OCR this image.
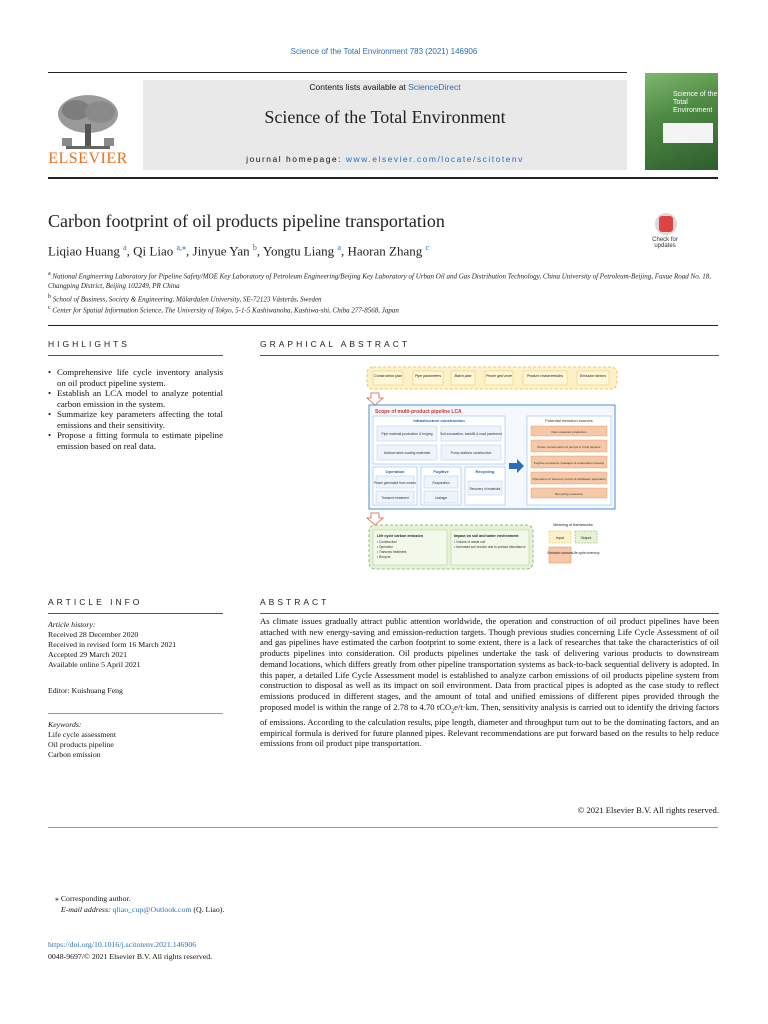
Science of the Total Environment 783 (2021) 146906
Contents lists available at ScienceDirect
Science of the Total Environment
journal homepage: www.elsevier.com/locate/scitotenv
ELSEVIER
Science of the
Total Environment
Carbon footprint of oil products pipeline transportation
Check for
updates
Liqiao Huang $^a$, Qi Liao $^{a,⁎}$, Jinyue Yan $^b$, Yongtu Liang $^a$, Haoran Zhang $^c$
$^a$ National Engineering Laboratory for Pipeline Safety/MOE Key Laboratory of Petroleum Engineering/Beijing Key Laboratory of Urban Oil and Gas Distribution Technology, China University of Petroleum-Beijing, Fuxue Road No. 18, Changping District, Beijing 102249, PR China
$^b$ School of Business, Society & Engineering, Mälardalen University, SE-72123 Västerås, Sweden
$^c$ Center for Spatial Information Science, The University of Tokyo, 5-1-5 Kashiwanoha, Kashiwa-shi, Chiba 277-8568, Japan
HIGHLIGHTS
• Comprehensive life cycle inventory analysis on oil product pipeline system.
• Establish an LCA model to analyze potential carbon emission in the system.
• Summarize key parameters affecting the total emissions and their sensitivity.
• Propose a fitting formula to estimate pipeline emission based on real data.
GRAPHICAL ABSTRACT
Construction plan	Pipe parameters	Batch plan	Power grid zone	Product characteristics	Emission factors
Scope of multi-product pipeline LCA
Infrastructure construction
Pipe material production & forging Soil excavation, backfill & road pavement
Anticorrosive coating materials	Pump stations construction
Operation
Power generated from motors
Transmix treatment
Fugitive
Evaporation
Leakage
Recycling
Recovery of materials
Potential emission sources
Raw materials production
Power consumption of pumps in trunk pipeline
Fugitive emissions (leakages & evaporation losses)
Operations of transmix pumps & distillation apparatus
Recycling measures
Life cycle carbon emission
• Construction
• Operation
• Transmix treatment
• Recycle
Impact on soil and water environment
• Volume of waste soil
• Increased soil erosion due to surface disturbance
Meaning of frameworks
Input	Output
Emission sources Life cycle inventory
ARTICLE INFO
Article history:
Received 28 December 2020
Received in revised form 16 March 2021
Accepted 29 March 2021
Available online 5 April 2021
Editor: Kuishuang Feng
Keywords:
Life cycle assessment
Oil products pipeline
Carbon emission
ABSTRACT
As climate issues gradually attract public attention worldwide, the operation and construction of oil product pipelines have been attached with new energy-saving and emission-reduction targets. Though previous studies concerning Life Cycle Assessment of oil and gas pipelines have estimated the carbon footprint to some extent, there is a lack of researches that take the characteristics of oil products pipelines into consideration. Oil products pipelines undertake the task of delivering various products to downstream demand locations, which differs greatly from other pipeline transportation systems as back-to-back sequential delivery is adopted. In this paper, a detailed Life Cycle Assessment model is established to analyze carbon emissions of oil products pipeline system from construction to disposal as well as its impact on soil environment. Data from practical pipes is adopted as the case study to reflect emissions produced in different stages, and the amount of total and unified emissions of different pipes provided through the proposed model is within the range of 2.78 to 4.70 tCO$_2$e/t·km. Then, sensitivity analysis is carried out to identify the driving factors of emissions. According to the calculation results, pipe length, diameter and throughput turn out to be the dominating factors, and an empirical formula is derived for future planned pipes. Relevant recommendations are put forward based on the results to help reduce emissions from oil product pipe transportation.
© 2021 Elsevier B.V. All rights reserved.
⁎ Corresponding author.
E-mail address: qliao_cup@Outlook.com (Q. Liao).
https://doi.org/10.1016/j.scitotenv.2021.146906
0048-9697/© 2021 Elsevier B.V. All rights reserved.
